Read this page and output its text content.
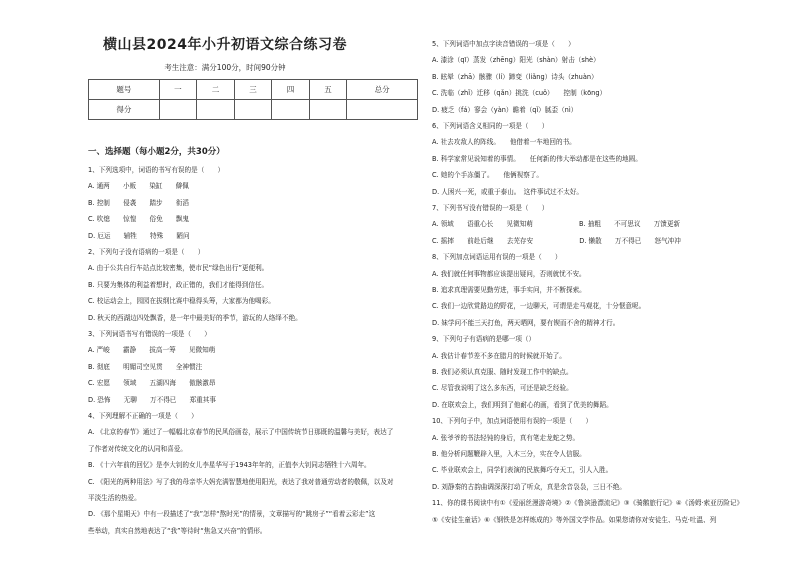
横山县2024年小升初语文综合练习卷
考生注意：满分100分，时间90分钟
题号	一	二	三	四	五	总分
得分						
一、选择题（每小题2分，共30分）
1、下列选项中，词语的书写有误的是（　　）
A. 通两　　小贩　　染缸　　僻佩
B. 控制　　侵袭　　踏步　　衔滔
C. 吹熄　　惊惶　　俗免　　飘鬼
D. 厄运　　辅牲　　特殊　　陋问
2、下列句子没有语病的一项是（　　）
A. 由于公共自行车站点比较密集，使市民“绿色出行”更便利。
B. 只要为集体的利益着想时，政正错的，我们才能得到信任。
C. 校运动会上，园园在拔纲比赛中稳得头筹，大家都为他喝彩。
D. 秋天的西湖边四处飘香，是一年中最美好的季节，游玩的人络绎不绝。
3、下列词语书写有错误的一项是（　　）
A. 严峻　　霸静　　拔高一筹　　见微知萌
B. 彻底　　明媚司空见贯　　全神惯注
C. 宏愿　　领域　　五湖四海　　傲骸激昂
D. 恐怖　　无聊　　万不得已　　郑重其事
4、下列理解不正确的一项是（　　）
A. 《北京的春节》通过了一幅幅北京春节的民风俗画卷，展示了中国传统节日那既的温馨与美好，表达了
了作者对传统文化的认同和喜爱。
B. 《十六年前的回忆》是李大钊的女儿李星华写于1943年年的，正值李大钊同志牺牲十六周年。
C. 《阳光的两种用法》写了我的母亲毕大妈充满智慧地使用阳光，表达了我对普通劳动者的敬佩，以及对
平淡生活的热爱。
D. 《那个星期天》中有一段描述了“我”怎样“熬时光”的情景，文章描写的“跳房子”“看着云彩走”这
些举动，真实自然地表达了“我”等待时“焦急又兴奋”的情形。
5、下列词语中加点字读音错误的一项是（　　）
A. 漆涂（qī）蒸发（zhēng）阳光（shàn）射击（shè）
B. 眩晕（zhā）骸骤（lí）蹄变（liǎng）诗头（zhuàn）
C. 洗临（zhǐ）迁移（qǎn）挑洗（cuǒ）　　控制（kōng）
D. 疲乏（fá）寥会（yàn）瞻着（qǐ）腻歪（nì）
6、下列词语含义相同的一项是（　　）
A. 社去攻敌人的阵线。　　他借着一车地回的书。
B. 科学家常见说知着的事情。　　任何新的伟大举动都是在这些的地圆。
C. 她的个手冻僵了。　　他俩视察了。
D. 人困兴一死，或重于泰山。　这件事试过不太好。
7、下列书写没有错误的一项是（　　）
A. 领域　　语重心长　　见微知萌　　　　　　　B. 抽粗　　不可思议　　万馈更新
C. 摇摔　　前赴后继　　去芜存安　　　　　　　D. 懒散　　万不得已　　怒气冲冲
8、下列加点词语运用有误的一项是（　　）
A. 我们就任何事物都应该提出疑问，否则就忧不安。
B. 追求真理需要见勤劳进，事手实问，并不断探索。
C. 我们一边欣赏路边的野花，一边聊天，可谓是走马观花，十分惬意呢。
D. 妹学问不能三天打鱼，两天晒网，要有锲而不舍的精神才行。
9、下列句子有语病的是哪一项（）
A. 我估计春节差不多在腊月的时候就开始了。
B. 我们必须认真克服、随时发现工作中的缺点。
C. 尽管我说明了这么多东西，可还是缺乏经验。
D. 在联欢会上，我们明到了他耐心的画，看到了优美的舞蹈。
10、下列句子中，加点词语使用有误的一项是（　　）
A. 张爷爷的书法轻钝的身后，真有笔走龙蛇之势。
B. 他分析问题鞭辟入里，入木三分，实在令人信服。
C. 毕业联欢会上，同学们表演的民族舞巧夺天工，引人入胜。
D. 刘静秦的古韵曲调深深打动了听众，真是余音袅袅，三日不绝。
11、你的课书阅读中有①《爱丽丝漫游奇境》②《鲁滨逊漂流记》③《骑鹅旅行记》④《汤姆·索亚历险记》
⑤《安徒生童话》⑥《钢铁是怎样炼成的》等外国文学作品。如果您请你对安徒生、马克·吐温、列
